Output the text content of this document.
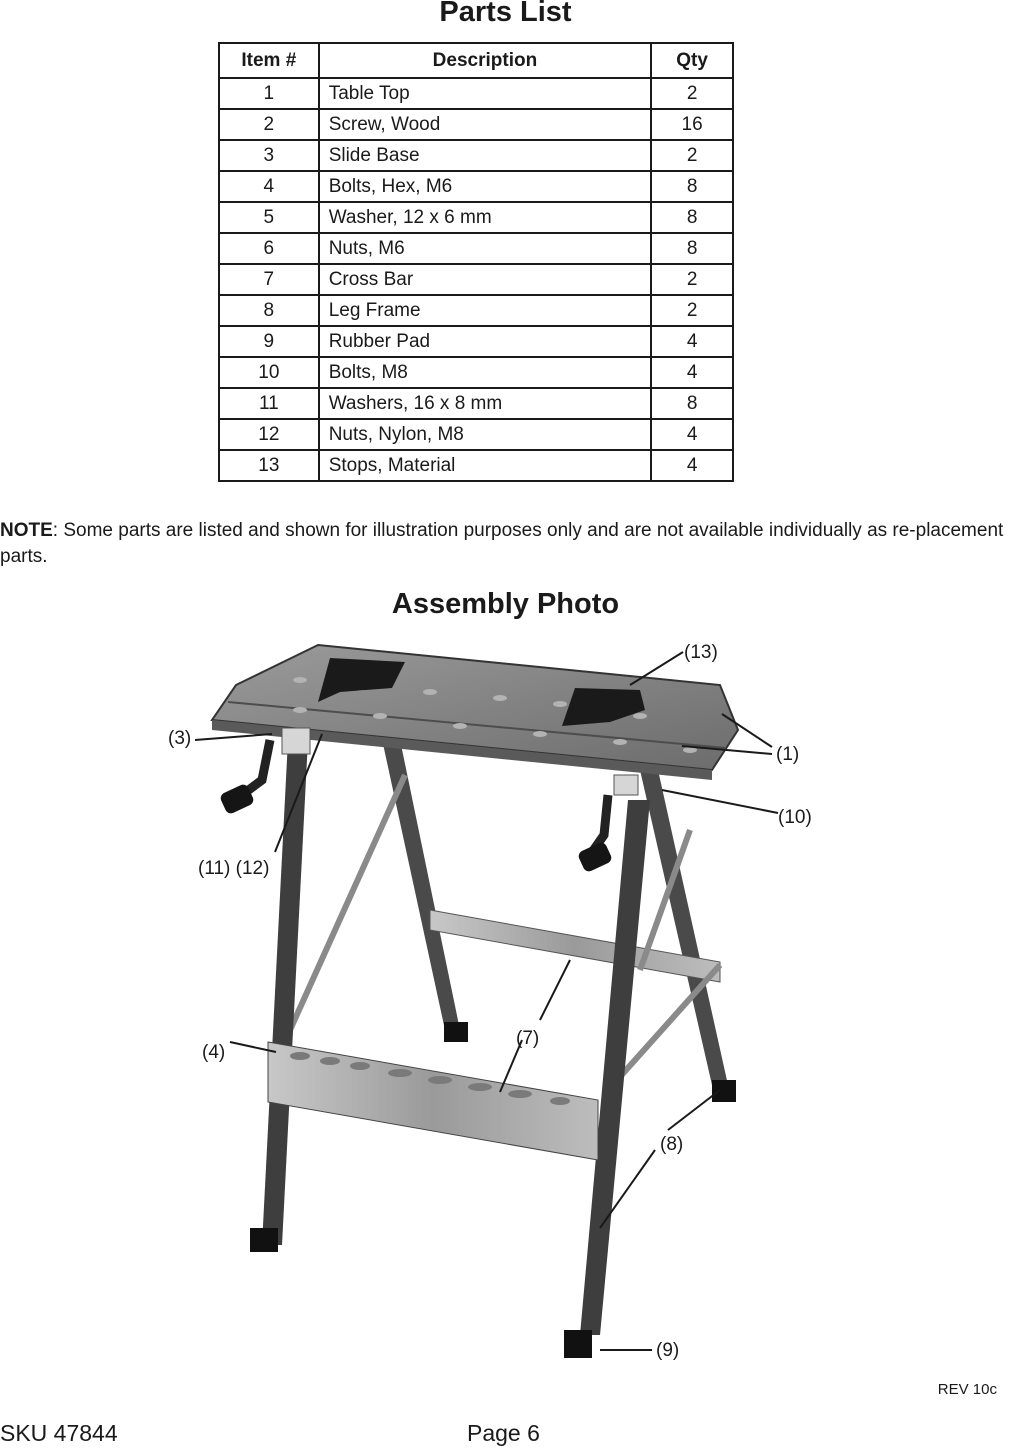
Parts List
Item #	Description	Qty
1	Table Top	2
2	Screw, Wood	16
3	Slide Base	2
4	Bolts, Hex, M6	8
5	Washer, 12 x 6 mm	8
6	Nuts, M6	8
7	Cross Bar	2
8	Leg Frame	2
9	Rubber Pad	4
10	Bolts, M8	4
11	Washers, 16 x 8 mm	8
12	Nuts, Nylon, M8	4
13	Stops, Material	4

NOTE: Some parts are listed and shown for illustration purposes only and are not available individually as re-placement parts.

Assembly Photo
(13)
(3)
(1)
(10)
(11) (12)
(7)
(4)
(8)
(9)
REV 10c
SKU 47844	Page 6
